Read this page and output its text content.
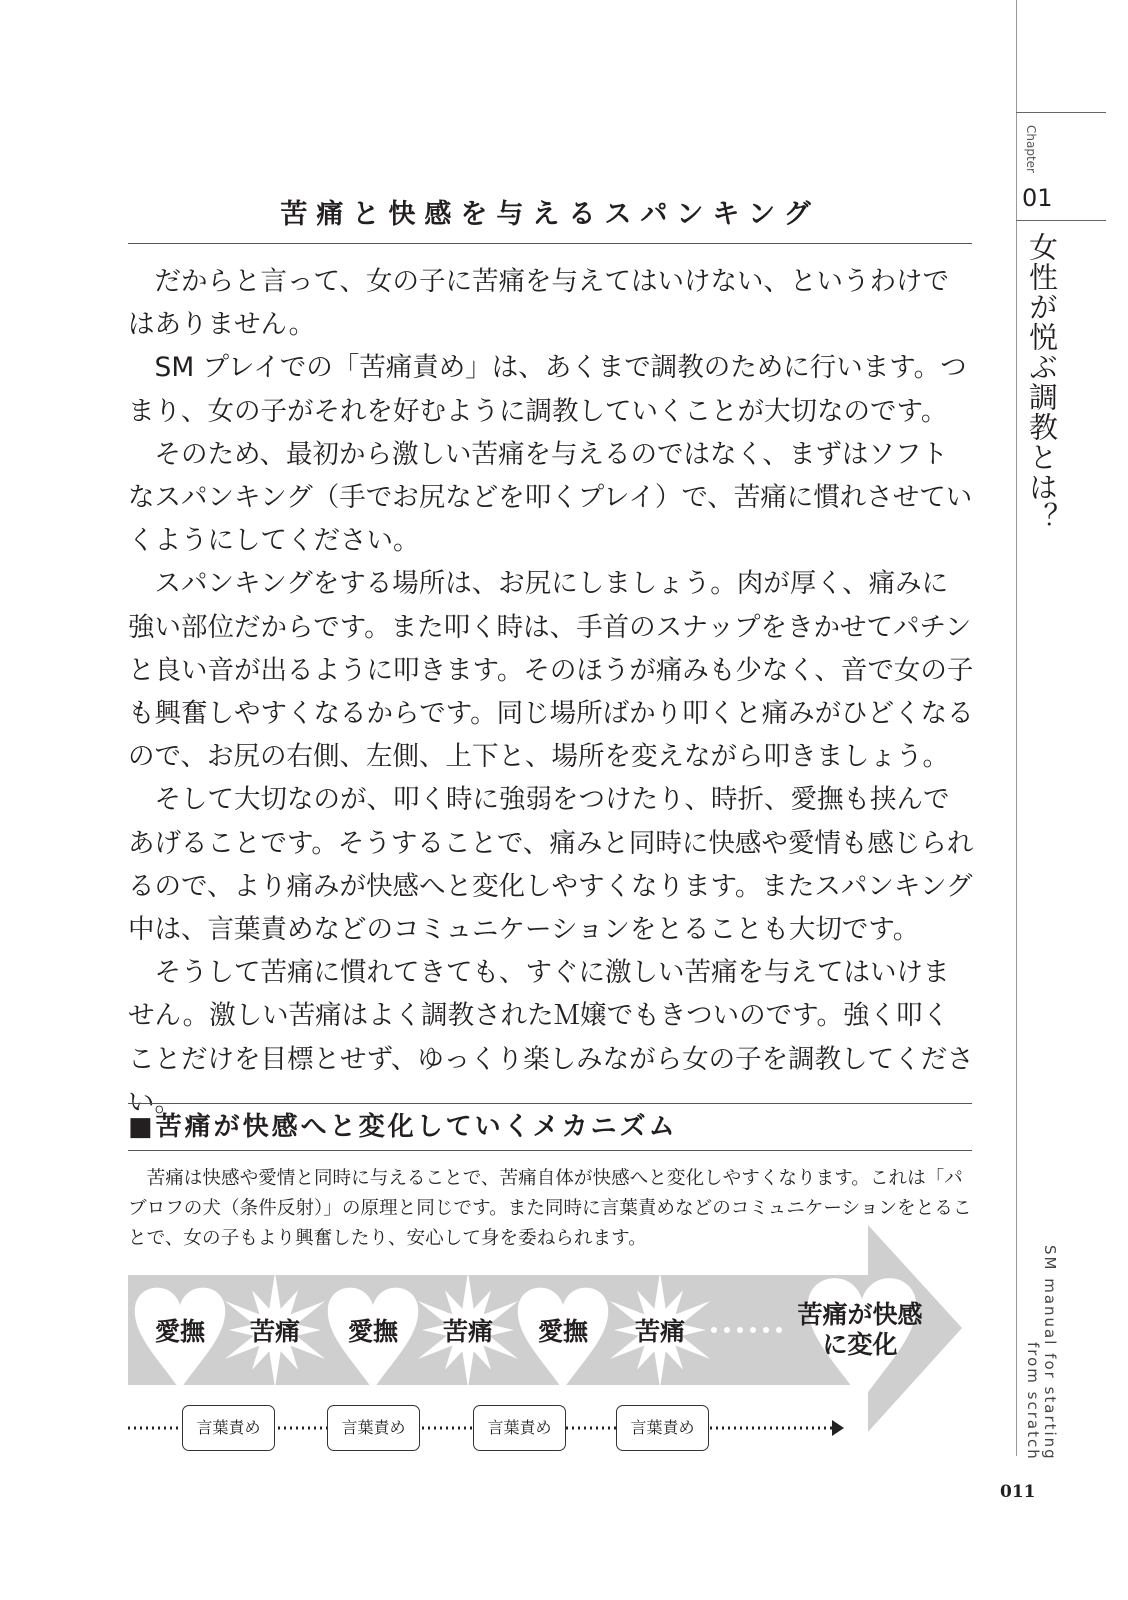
苦痛と快感を与えるスパンキング

だからと言って、女の子に苦痛を与えてはいけない、というわけではありません。

SM プレイでの「苦痛責め」は、あくまで調教のために行います。つまり、女の子がそれを好むように調教していくことが大切なのです。

そのため、最初から激しい苦痛を与えるのではなく、まずはソフトなスパンキング（手でお尻などを叩くプレイ）で、苦痛に慣れさせていくようにしてください。

スパンキングをする場所は、お尻にしましょう。肉が厚く、痛みに強い部位だからです。また叩く時は、手首のスナップをきかせてパチンと良い音が出るように叩きます。そのほうが痛みも少なく、音で女の子も興奮しやすくなるからです。同じ場所ばかり叩くと痛みがひどくなるので、お尻の右側、左側、上下と、場所を変えながら叩きましょう。

そして大切なのが、叩く時に強弱をつけたり、時折、愛撫も挟んであげることです。そうすることで、痛みと同時に快感や愛情も感じられるので、より痛みが快感へと変化しやすくなります。またスパンキング中は、言葉責めなどのコミュニケーションをとることも大切です。

そうして苦痛に慣れてきても、すぐに激しい苦痛を与えてはいけません。激しい苦痛はよく調教されたＭ嬢でもきついのです。強く叩くことだけを目標とせず、ゆっくり楽しみながら女の子を調教してください。

■苦痛が快感へと変化していくメカニズム

苦痛は快感や愛情と同時に与えることで、苦痛自体が快感へと変化しやすくなります。これは「パブロフの犬（条件反射）」の原理と同じです。また同時に言葉責めなどのコミュニケーションをとることで、女の子もより興奮したり、安心して身を委ねられます。

愛撫	苦痛	愛撫	苦痛	愛撫	苦痛
苦痛が快感
に変化
言葉責め	言葉責め	言葉責め	言葉責め
Chapter
01
女性が悦ぶ調教とは？
SM manual for starting
from scratch
011
